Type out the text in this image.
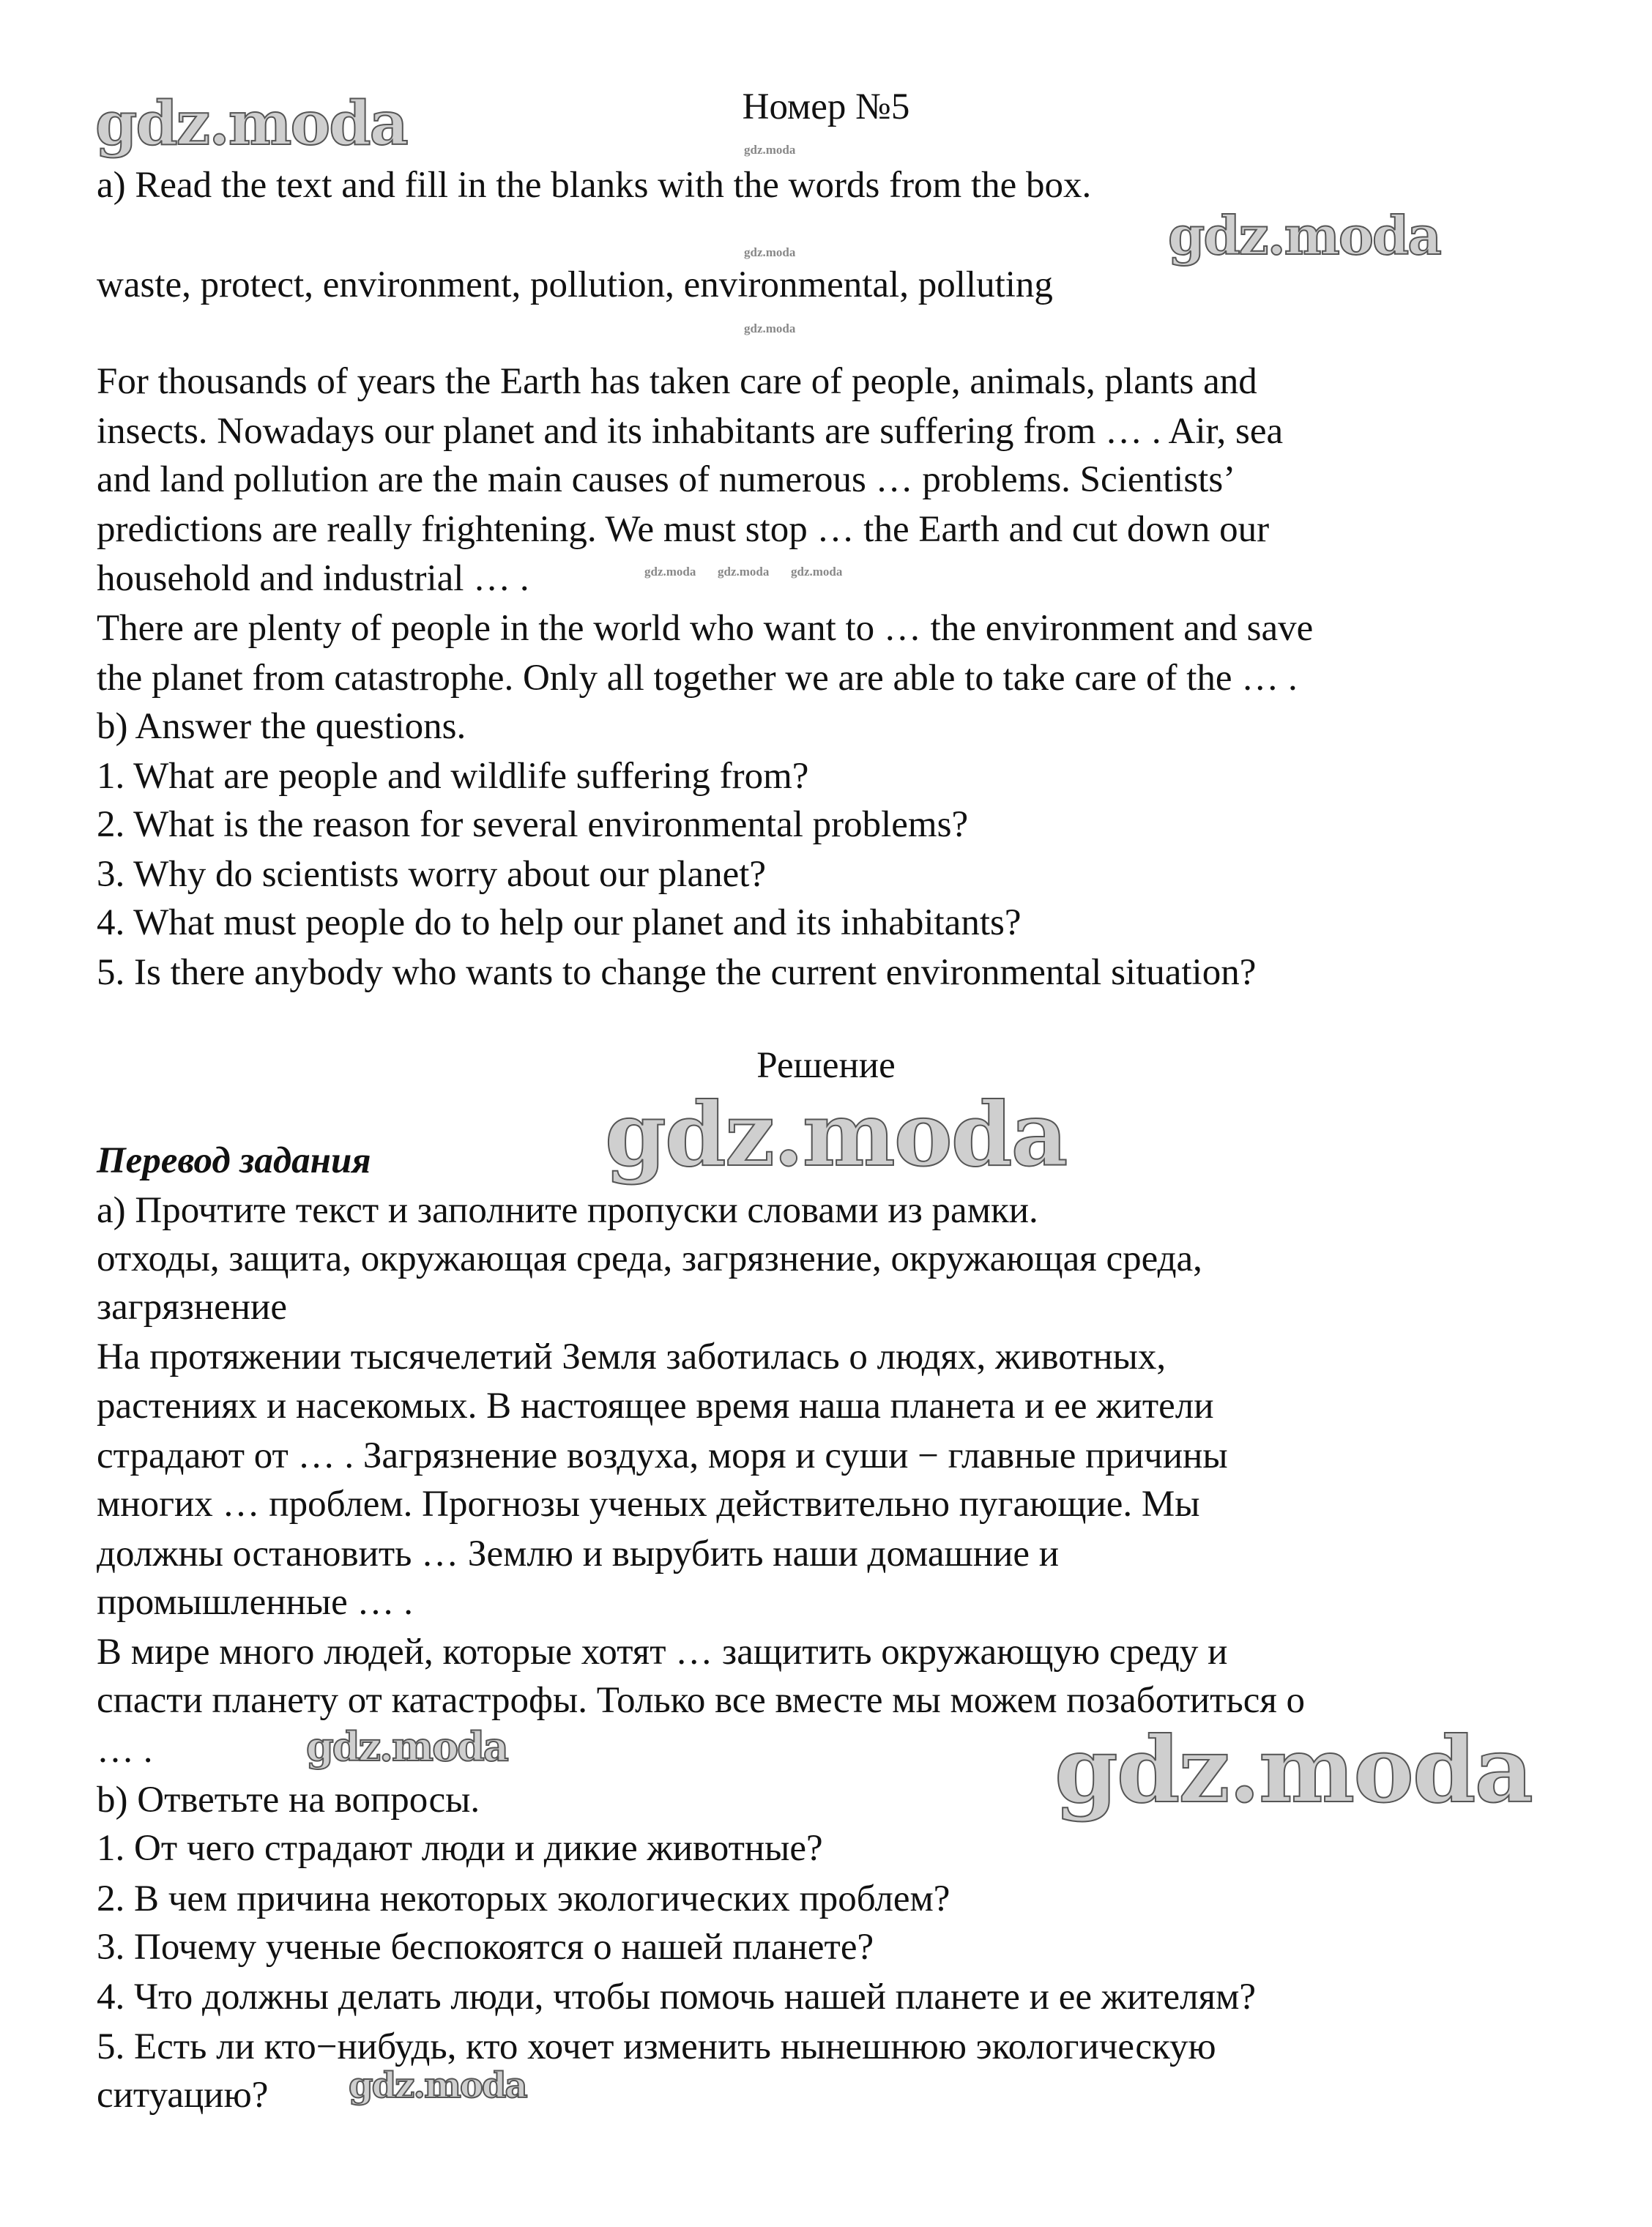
gdz.moda
gdz.moda
gdz.moda
gdz.moda
gdz.moda
gdz.moda
gdz.moda
gdz.moda
gdz.moda
gdz.moda gdz.moda gdz.moda
Номер №5
a) Read the text and fill in the blanks with the words from the box.
waste, protect, environment, pollution, environmental, polluting
For thousands of years the Earth has taken care of people, animals, plants and
insects. Nowadays our planet and its inhabitants are suffering from … . Air, sea
and land pollution are the main causes of numerous … problems. Scientists’
predictions are really frightening. We must stop … the Earth and cut down our
household and industrial … .
There are plenty of people in the world who want to … the environment and save
the planet from catastrophe. Only all together we are able to take care of the … .
b) Answer the questions.
1. What are people and wildlife suffering from?
2. What is the reason for several environmental problems?
3. Why do scientists worry about our planet?
4. What must people do to help our planet and its inhabitants?
5. Is there anybody who wants to change the current environmental situation?
Решение
Перевод задания
a) Прочтите текст и заполните пропуски словами из рамки.
отходы, защита, окружающая среда, загрязнение, окружающая среда,
загрязнение
На протяжении тысячелетий Земля заботилась о людях, животных,
растениях и насекомых. В настоящее время наша планета и ее жители
страдают от … . Загрязнение воздуха, моря и суши − главные причины
многих … проблем. Прогнозы ученых действительно пугающие. Мы
должны остановить … Землю и вырубить наши домашние и
промышленные … .
В мире много людей, которые хотят … защитить окружающую среду и
спасти планету от катастрофы. Только все вместе мы можем позаботиться о
… .
b) Ответьте на вопросы.
1. От чего страдают люди и дикие животные?
2. В чем причина некоторых экологических проблем?
3. Почему ученые беспокоятся о нашей планете?
4. Что должны делать люди, чтобы помочь нашей планете и ее жителям?
5. Есть ли кто−нибудь, кто хочет изменить нынешнюю экологическую
ситуацию?
